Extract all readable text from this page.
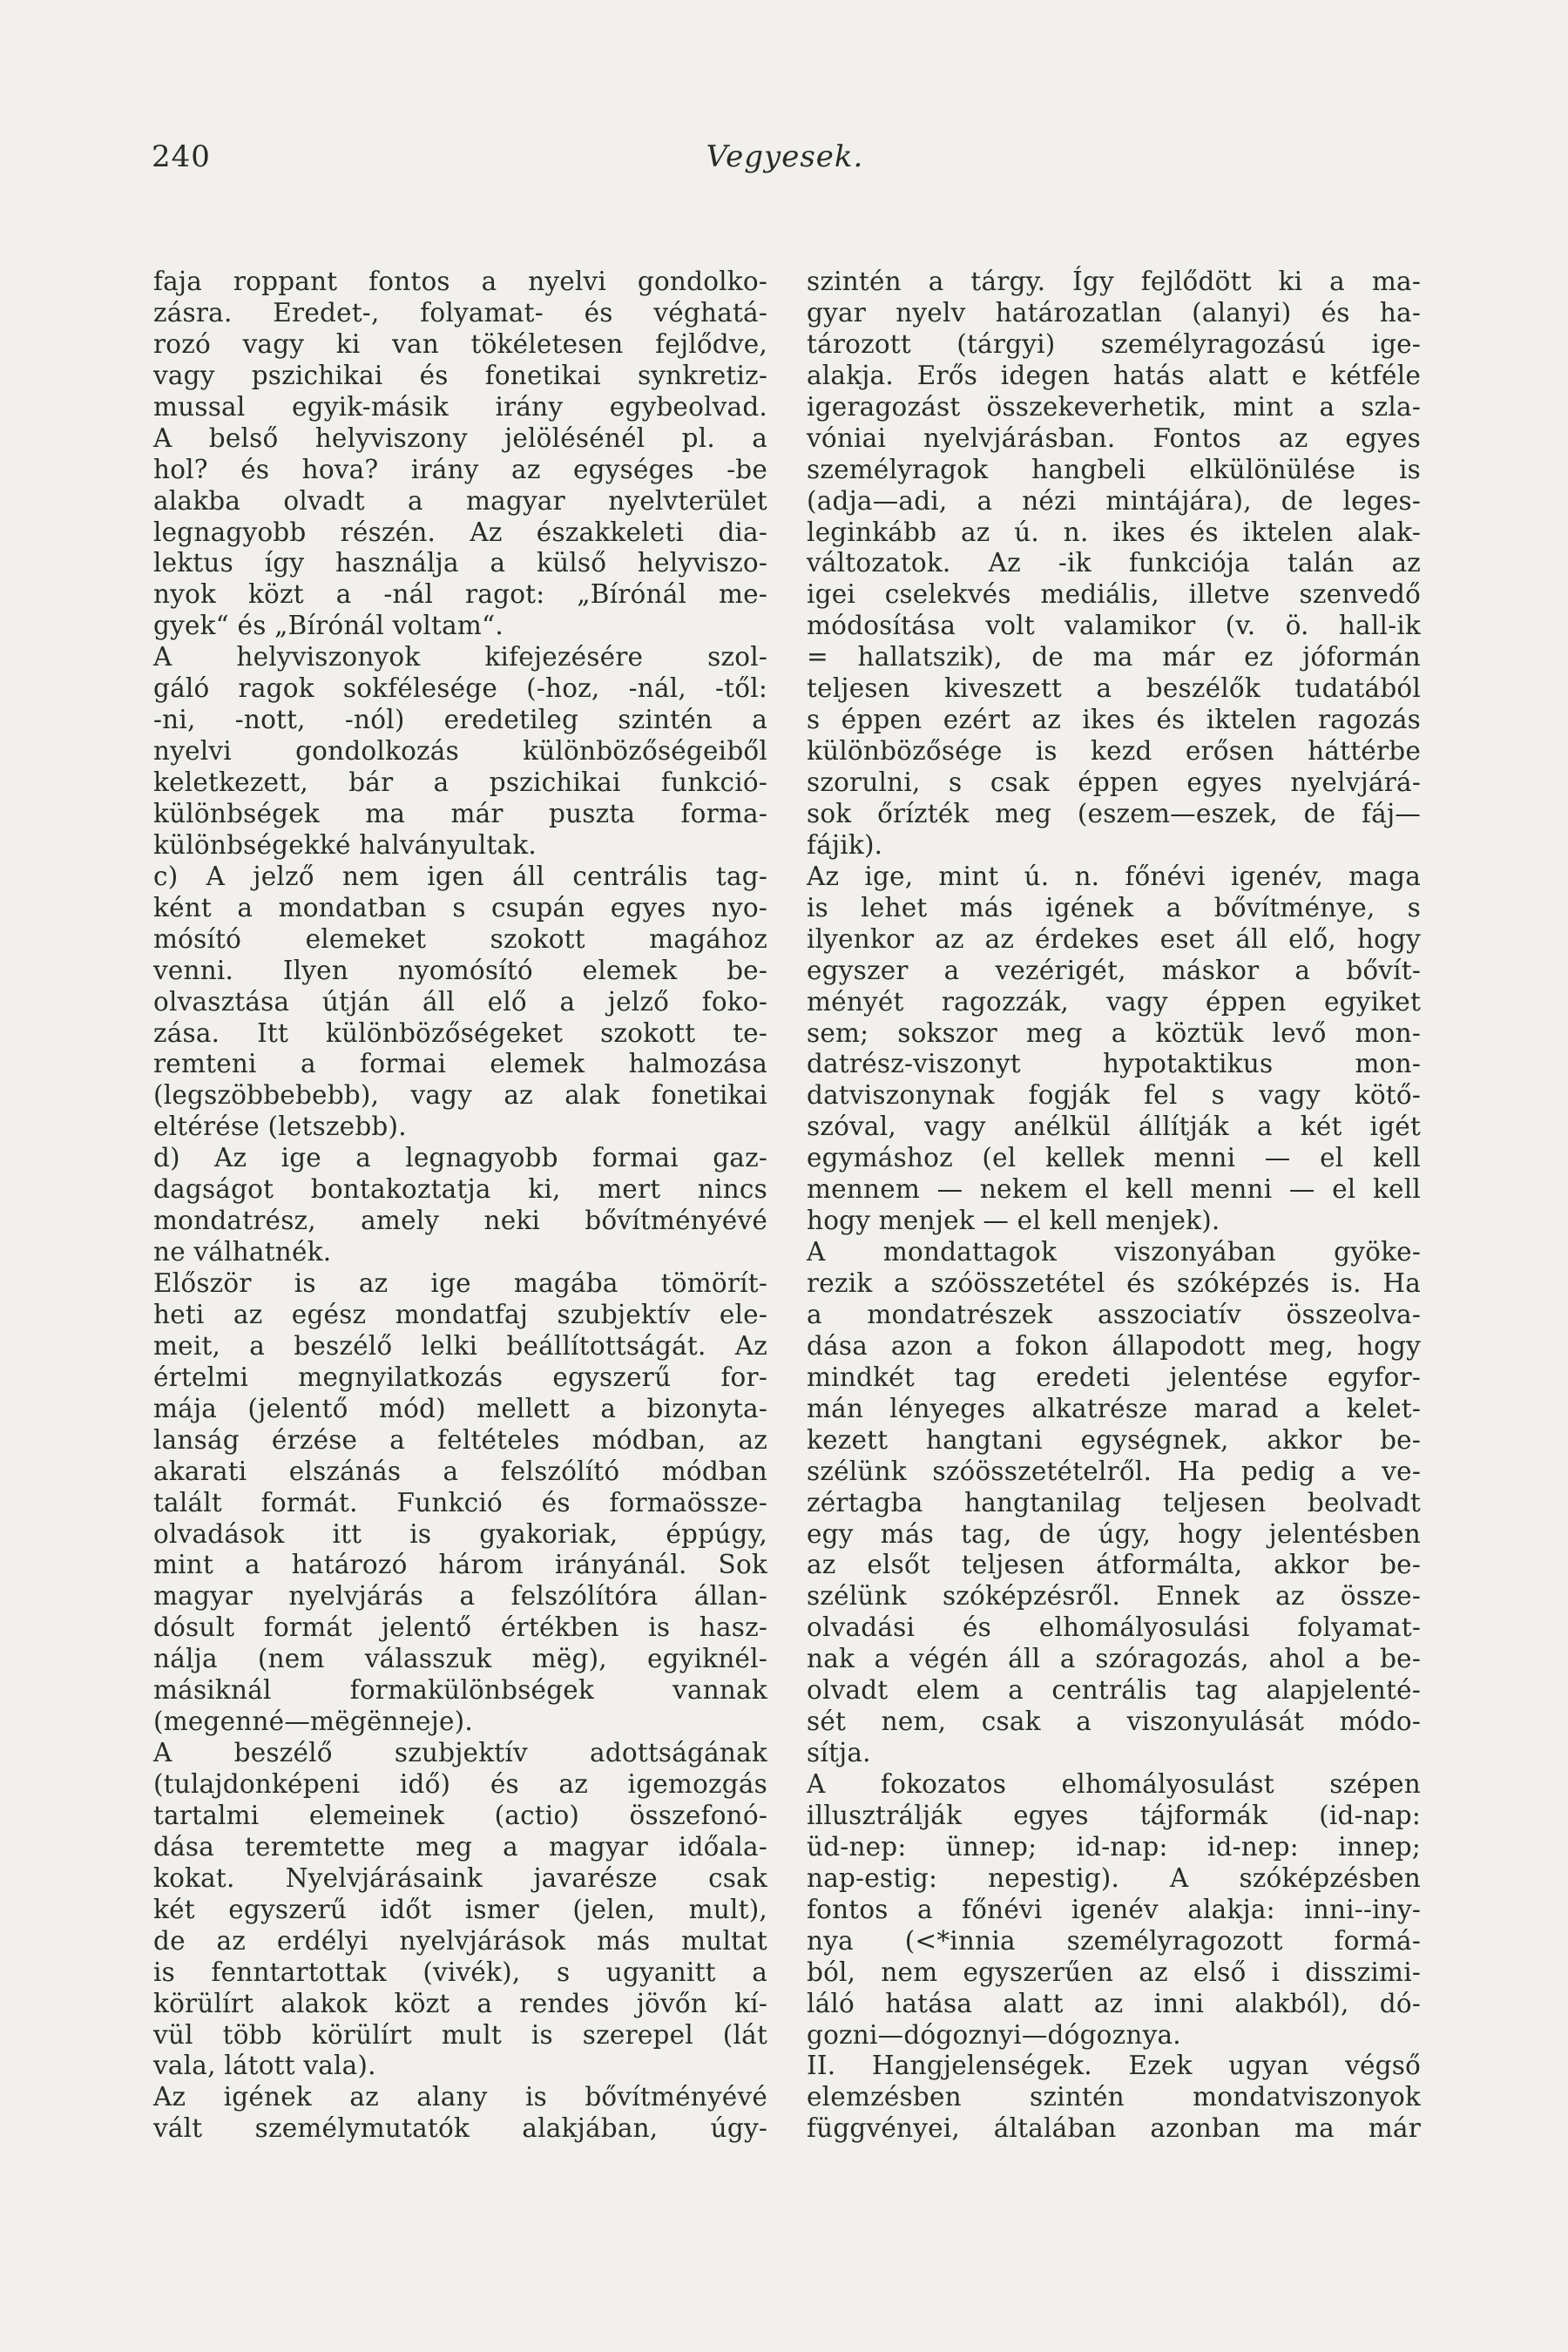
240	Vegyesek.
faja roppant fontos a nyelvi gondolko-
zásra. Eredet-, folyamat- és véghatá-
rozó vagy ki van tökéletesen fejlődve,
vagy pszichikai és fonetikai synkretiz-
mussal egyik-másik irány egybeolvad.
A belső helyviszony jelölésénél pl. a
hol? és hova? irány az egységes -be
alakba olvadt a magyar nyelvterület
legnagyobb részén. Az északkeleti dia-
lektus így használja a külső helyviszo-
nyok közt a -nál ragot: „Bírónál me-
gyek“ és „Bírónál voltam“.
A helyviszonyok kifejezésére szol-
gáló ragok sokfélesége (-hoz, -nál, -től:
-ni, -nott, -nól) eredetileg szintén a
nyelvi gondolkozás különbözőségeiből
keletkezett, bár a pszichikai funkció-
különbségek ma már puszta forma-
különbségekké halványultak.
c) A jelző nem igen áll centrális tag-
ként a mondatban s csupán egyes nyo-
mósító elemeket szokott magához
venni. Ilyen nyomósító elemek be-
olvasztása útján áll elő a jelző foko-
zása. Itt különbözőségeket szokott te-
remteni a formai elemek halmozása
(legszöbbebebb), vagy az alak fonetikai
eltérése (letszebb).
d) Az ige a legnagyobb formai gaz-
dagságot bontakoztatja ki, mert nincs
mondatrész, amely neki bővítményévé
ne válhatnék.
Először is az ige magába tömörít-
heti az egész mondatfaj szubjektív ele-
meit, a beszélő lelki beállítottságát. Az
értelmi megnyilatkozás egyszerű for-
mája (jelentő mód) mellett a bizonyta-
lanság érzése a feltételes módban, az
akarati elszánás a felszólító módban
talált formát. Funkció és formaössze-
olvadások itt is gyakoriak, éppúgy,
mint a határozó három irányánál. Sok
magyar nyelvjárás a felszólítóra állan-
dósult formát jelentő értékben is hasz-
nálja (nem válasszuk mëg), egyiknél-
másiknál formakülönbségek vannak
(megenné—mëgënneje).
A beszélő szubjektív adottságának
(tulajdonképeni idő) és az igemozgás
tartalmi elemeinek (actio) összefonó-
dása teremtette meg a magyar időala-
kokat. Nyelvjárásaink javarésze csak
két egyszerű időt ismer (jelen, mult),
de az erdélyi nyelvjárások más multat
is fenntartottak (vivék), s ugyanitt a
körülírt alakok közt a rendes jövőn kí-
vül több körülírt mult is szerepel (lát
vala, látott vala).
Az igének az alany is bővítményévé
vált személymutatók alakjában, úgy-
szintén a tárgy. Így fejlődött ki a ma-
gyar nyelv határozatlan (alanyi) és ha-
tározott (tárgyi) személyragozású ige-
alakja. Erős idegen hatás alatt e kétféle
igeragozást összekeverhetik, mint a szla-
vóniai nyelvjárásban. Fontos az egyes
személyragok hangbeli elkülönülése is
(adja—adi, a nézi mintájára), de leges-
leginkább az ú. n. ikes és iktelen alak-
változatok. Az -ik funkciója talán az
igei cselekvés mediális, illetve szenvedő
módosítása volt valamikor (v. ö. hall-ik
= hallatszik), de ma már ez jóformán
teljesen kiveszett a beszélők tudatából
s éppen ezért az ikes és iktelen ragozás
különbözősége is kezd erősen háttérbe
szorulni, s csak éppen egyes nyelvjárá-
sok őrízték meg (eszem—eszek, de fáj—
fájik).
Az ige, mint ú. n. főnévi igenév, maga
is lehet más igének a bővítménye, s
ilyenkor az az érdekes eset áll elő, hogy
egyszer a vezérigét, máskor a bővít-
ményét ragozzák, vagy éppen egyiket
sem; sokszor meg a köztük levő mon-
datrész-viszonyt hypotaktikus mon-
datviszonynak fogják fel s vagy kötő-
szóval, vagy anélkül állítják a két igét
egymáshoz (el kellek menni — el kell
mennem — nekem el kell menni — el kell
hogy menjek — el kell menjek).
A mondattagok viszonyában gyöke-
rezik a szóösszetétel és szóképzés is. Ha
a mondatrészek asszociatív összeolva-
dása azon a fokon állapodott meg, hogy
mindkét tag eredeti jelentése egyfor-
mán lényeges alkatrésze marad a kelet-
kezett hangtani egységnek, akkor be-
szélünk szóösszetételről. Ha pedig a ve-
zértagba hangtanilag teljesen beolvadt
egy más tag, de úgy, hogy jelentésben
az elsőt teljesen átformálta, akkor be-
szélünk szóképzésről. Ennek az össze-
olvadási és elhomályosulási folyamat-
nak a végén áll a szóragozás, ahol a be-
olvadt elem a centrális tag alapjelenté-
sét nem, csak a viszonyulását módo-
sítja.
A fokozatos elhomályosulást szépen
illusztrálják egyes tájformák (id-nap:
üd-nep: ünnep; id-nap: id-nep: innep;
nap-estig: nepestig). A szóképzésben
fontos a főnévi igenév alakja: inni--iny-
nya (<*innia személyragozott formá-
ból, nem egyszerűen az első i disszimi-
láló hatása alatt az inni alakból), dó-
gozni—dógoznyi—dógoznya.
II. Hangjelenségek. Ezek ugyan végső
elemzésben szintén mondatviszonyok
függvényei, általában azonban ma már
